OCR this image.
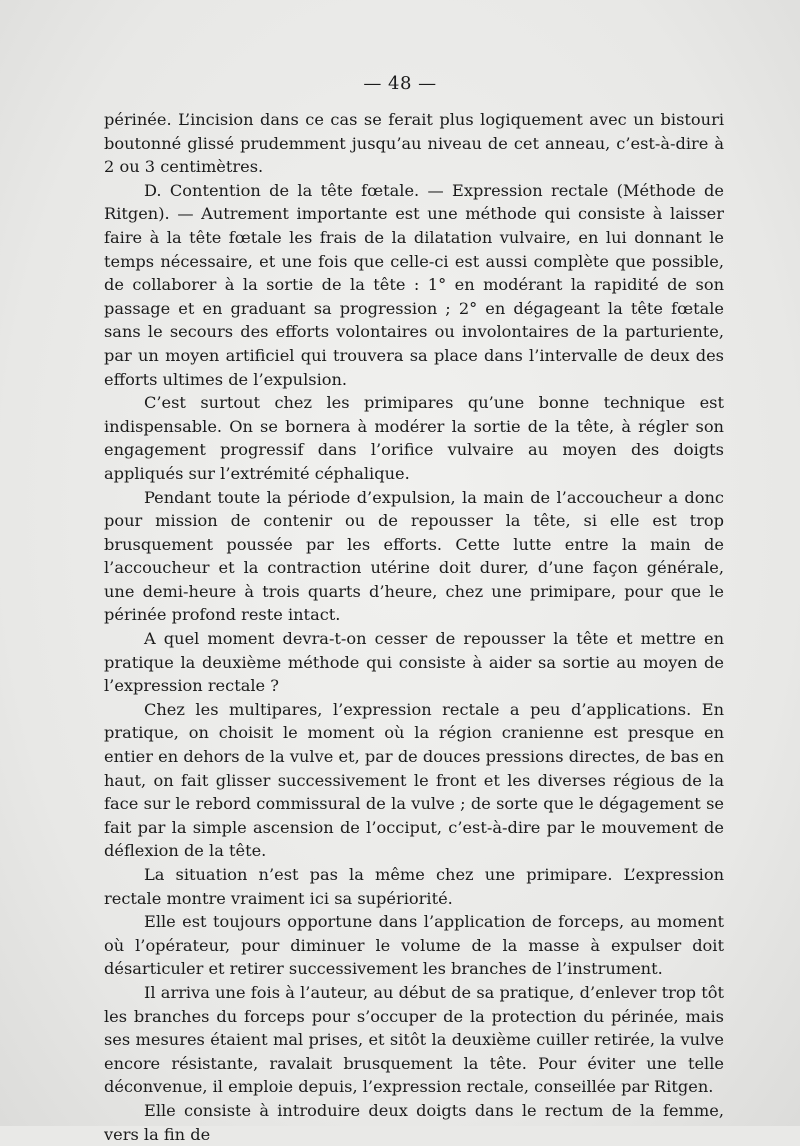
— 48 —

périnée. L’incision dans ce cas se ferait plus logiquement avec un bistouri boutonné glissé prudemment jusqu’au niveau de cet anneau, c’est-à-dire à 2 ou 3 centimètres.

D. Contention de la tête fœtale. — Expression rectale (Méthode de Ritgen). — Autrement importante est une méthode qui consiste à laisser faire à la tête fœtale les frais de la dilatation vulvaire, en lui donnant le temps nécessaire, et une fois que celle-ci est aussi complète que possible, de collaborer à la sortie de la tête : 1° en modérant la rapidité de son passage et en graduant sa progression ; 2° en dégageant la tête fœtale sans le secours des efforts volontaires ou involontaires de la parturiente, par un moyen artificiel qui trouvera sa place dans l’intervalle de deux des efforts ultimes de l’expulsion.

C’est surtout chez les primipares qu’une bonne technique est indispensable. On se bornera à modérer la sortie de la tête, à régler son engagement progressif dans l’orifice vulvaire au moyen des doigts appliqués sur l’extrémité céphalique.

Pendant toute la période d’expulsion, la main de l’accoucheur a donc pour mission de contenir ou de repousser la tête, si elle est trop brusquement poussée par les efforts. Cette lutte entre la main de l’accoucheur et la contraction utérine doit durer, d’une façon générale, une demi-heure à trois quarts d’heure, chez une primipare, pour que le périnée profond reste intact.

A quel moment devra-t-on cesser de repousser la tête et mettre en pratique la deuxième méthode qui consiste à aider sa sortie au moyen de l’expression rectale ?

Chez les multipares, l’expression rectale a peu d’applications. En pratique, on choisit le moment où la région cranienne est presque en entier en dehors de la vulve et, par de douces pressions directes, de bas en haut, on fait glisser successivement le front et les diverses régious de la face sur le rebord commissural de la vulve ; de sorte que le dégagement se fait par la simple ascension de l’occiput, c’est-à-dire par le mouvement de déflexion de la tête.

La situation n’est pas la même chez une primipare. L’expression rectale montre vraiment ici sa supériorité.

Elle est toujours opportune dans l’application de forceps, au moment où l’opérateur, pour diminuer le volume de la masse à expulser doit désarticuler et retirer successivement les branches de l’instrument.

Il arriva une fois à l’auteur, au début de sa pratique, d’enlever trop tôt les branches du forceps pour s’occuper de la protection du périnée, mais ses mesures étaient mal prises, et sitôt la deuxième cuiller retirée, la vulve encore résistante, ravalait brusquement la tête. Pour éviter une telle déconvenue, il emploie depuis, l’expression rectale, conseillée par Ritgen.

Elle consiste à introduire deux doigts dans le rectum de la femme, vers la fin de
